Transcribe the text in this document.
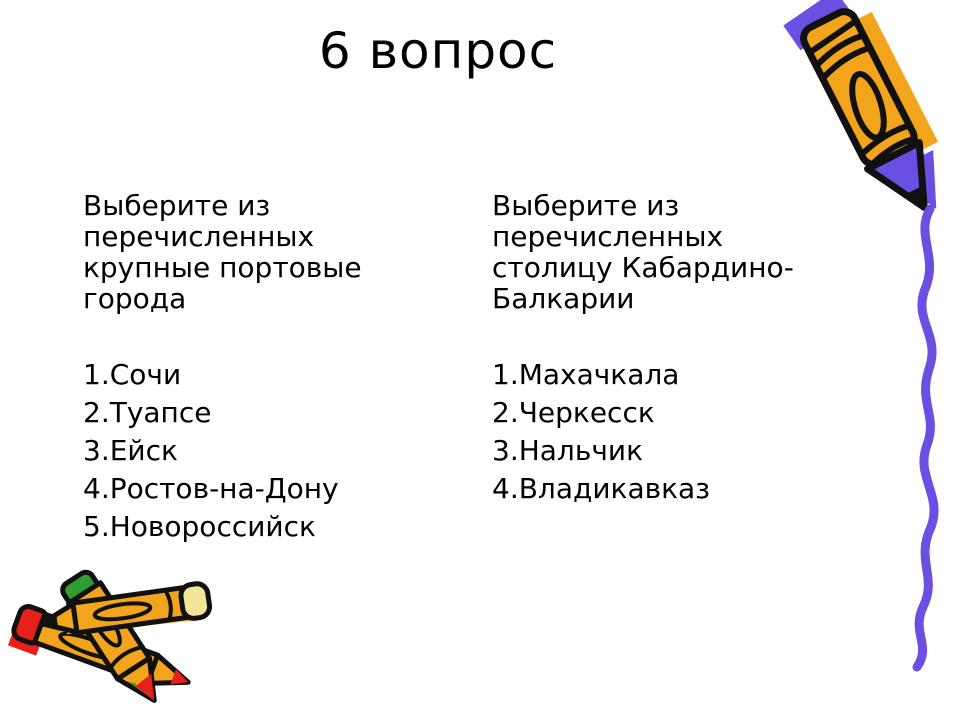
6 вопрос
Выберите из
перечисленных
крупные портовые
города
1.Сочи
2.Туапсе
3.Ейск
4.Ростов-на-Дону
5.Новороссийск
Выберите из
перечисленных
столицу Кабардино-
Балкарии
1.Махачкала
2.Черкесск
3.Нальчик
4.Владикавказ
